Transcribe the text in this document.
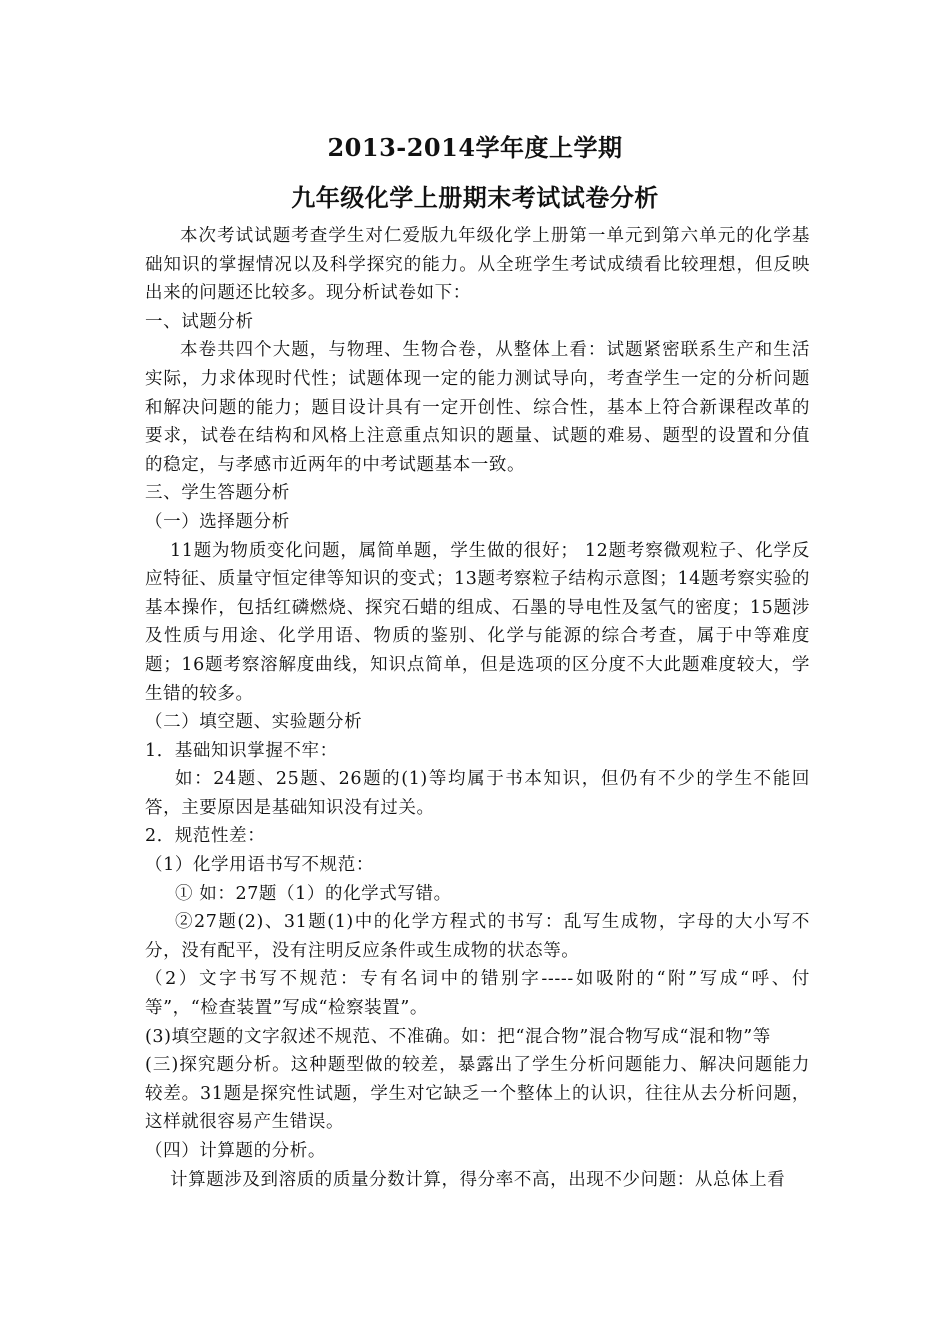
2013-2014学年度上学期
九年级化学上册期末考试试卷分析

本次考试试题考查学生对仁爱版九年级化学上册第一单元到第六单元的化学基础知识的掌握情况以及科学探究的能力。从全班学生考试成绩看比较理想，但反映出来的问题还比较多。现分析试卷如下：

一、试题分析

本卷共四个大题，与物理、生物合卷，从整体上看：试题紧密联系生产和生活实际，力求体现时代性；试题体现一定的能力测试导向，考查学生一定的分析问题和解决问题的能力；题目设计具有一定开创性、综合性，基本上符合新课程改革的要求，试卷在结构和风格上注意重点知识的题量、试题的难易、题型的设置和分值的稳定，与孝感市近两年的中考试题基本一致。

三、学生答题分析

（一）选择题分析

11题为物质变化问题，属简单题，学生做的很好； 12题考察微观粒子、化学反应特征、质量守恒定律等知识的变式；13题考察粒子结构示意图；14题考察实验的基本操作，包括红磷燃烧、探究石蜡的组成、石墨的导电性及氢气的密度；15题涉及性质与用途、化学用语、物质的鉴别、化学与能源的综合考查，属于中等难度题；16题考察溶解度曲线，知识点简单，但是选项的区分度不大此题难度较大，学生错的较多。

（二）填空题、实验题分析

1．基础知识掌握不牢：

如：24题、25题、26题的(1)等均属于书本知识，但仍有不少的学生不能回答，主要原因是基础知识没有过关。

2．规范性差：

（1）化学用语书写不规范：

① 如：27题（1）的化学式写错。

②27题(2)、31题(1)中的化学方程式的书写：乱写生成物，字母的大小写不分，没有配平，没有注明反应条件或生成物的状态等。

（2）文字书写不规范：专有名词中的错别字-----如吸附的“附”写成“呼、付等”，“检查装置”写成“检察装置”。

(3)填空题的文字叙述不规范、不准确。如：把“混合物”混合物写成“混和物”等

(三)探究题分析。这种题型做的较差，暴露出了学生分析问题能力、解决问题能力较差。31题是探究性试题，学生对它缺乏一个整体上的认识，往往从去分析问题，这样就很容易产生错误。

（四）计算题的分析。

计算题涉及到溶质的质量分数计算，得分率不高，出现不少问题：从总体上看
